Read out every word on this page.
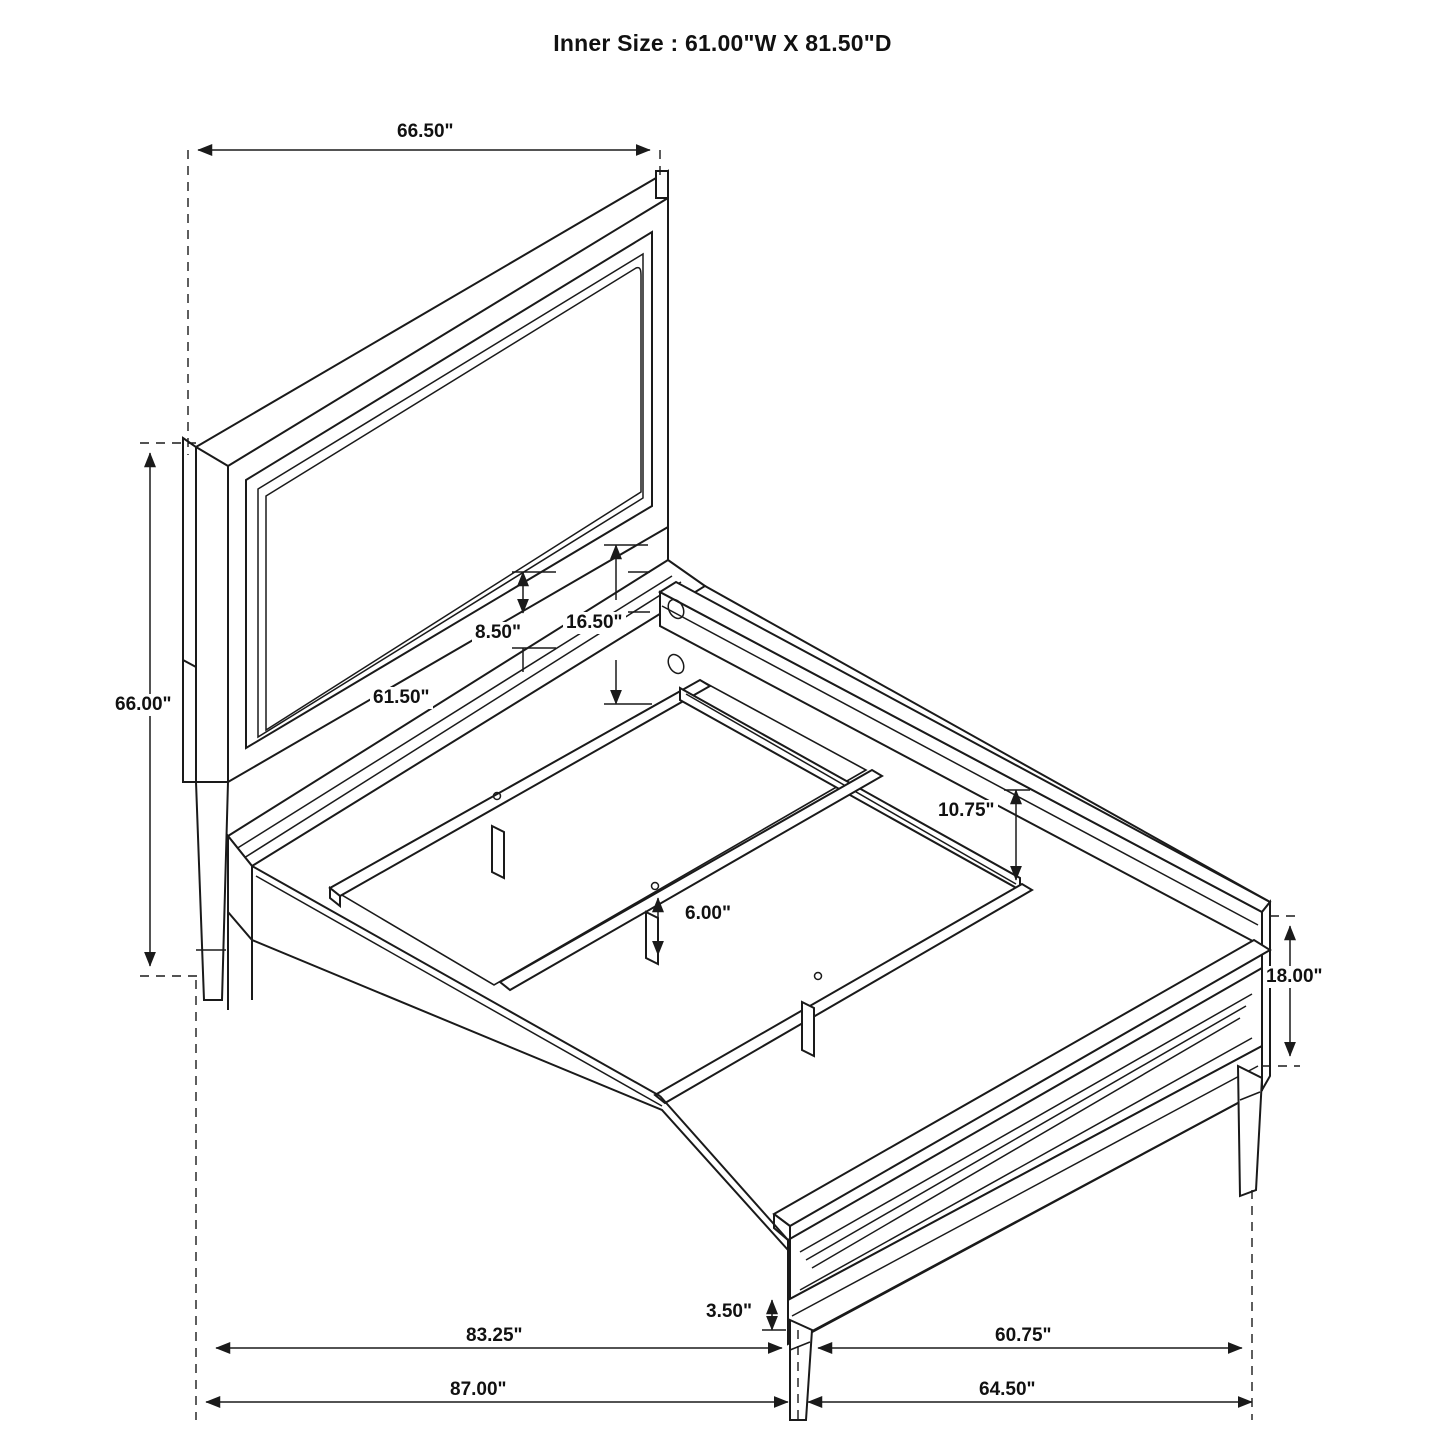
Inner Size : 61.00"W X 81.50"D
66.50"
66.00"
8.50" 16.50"
61.50"
10.75"
6.00"
18.00"
3.50"
83.25"
87.00"
60.75"
64.50"
